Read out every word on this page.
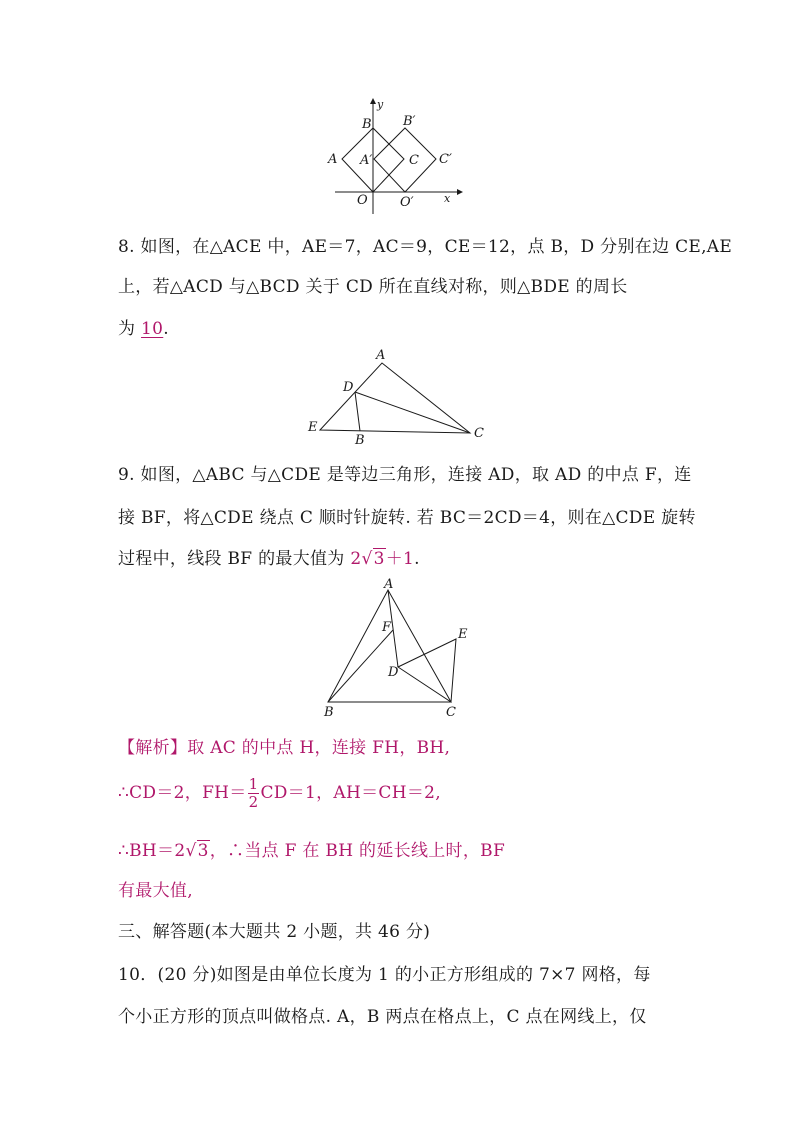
y
x
B B′
A A′	C C′
O O′
8. 如图，在△ACE 中，AE＝7，AC＝9，CE＝12，点 B，D 分别在边 CE,AE
上，若△ACD 与△BCD 关于 CD 所在直线对称，则△BDE 的周长
为 10.
A
D
E
B	C
9. 如图，△ABC 与△CDE 是等边三角形，连接 AD，取 AD 的中点 F，连
接 BF，将△CDE 绕点 C 顺时针旋转. 若 BC＝2CD＝4，则在△CDE 旋转
过程中，线段 BF 的最大值为 2√3＋1.
A
F	E
D
B	C
【解析】取 AC 的中点 H，连接 FH，BH,
∴CD＝2，$FH= \frac{1}{2} CD=1$，AH＝CH＝2,
∴BH＝2√3，∴当点 F 在 BH 的延长线上时，BF
有最大值,
三、解答题(本大题共 2 小题，共 46 分)
10．(20 分)如图是由单位长度为 1 的小正方形组成的 7×7 网格，每
个小正方形的顶点叫做格点. A，B 两点在格点上，C 点在网线上，仅
